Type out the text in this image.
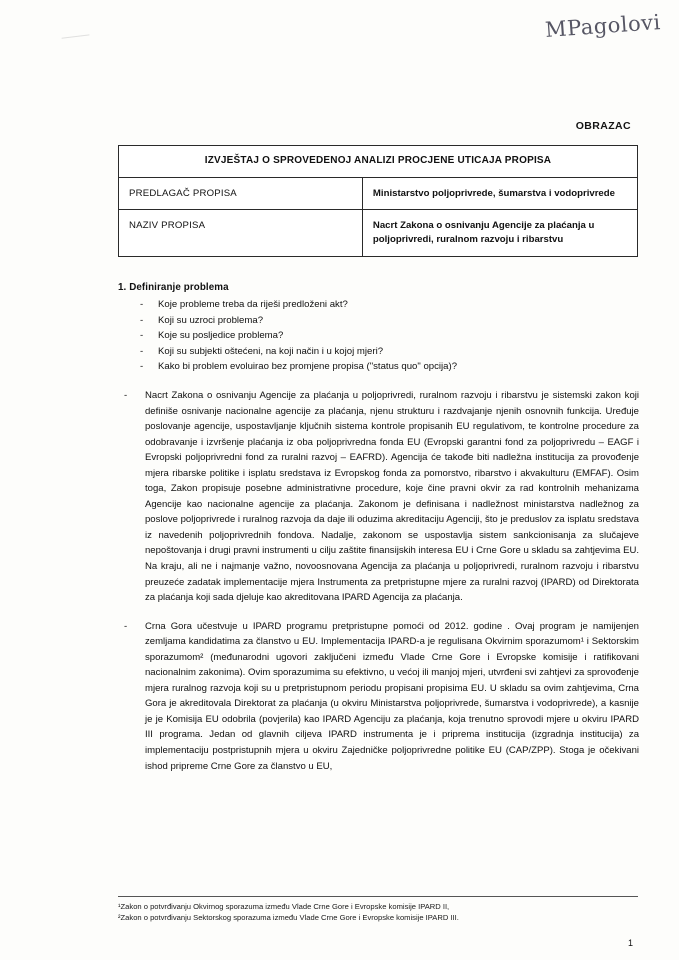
MPagolovi
OBRAZAC
IZVJEŠTAJ O SPROVEDENOJ ANALIZI PROCJENE UTICAJA PROPISA	
PREDLAGAČ PROPISA	Ministarstvo poljoprivrede, šumarstva i vodoprivrede
NAZIV PROPISA	Nacrt Zakona o osnivanju Agencije za plaćanja u poljoprivredi, ruralnom razvoju i ribarstvu
1. Definiranje problema
- Koje probleme treba da riješi predloženi akt?
- Koji su uzroci problema?
- Koje su posljedice problema?
- Koji su subjekti oštećeni, na koji način i u kojoj mjeri?
- Kako bi problem evoluirao bez promjene propisa ("status quo" opcija)?
- Nacrt Zakona o osnivanju Agencije za plaćanja u poljoprivredi, ruralnom razvoju i ribarstvu je sistemski zakon koji definiše osnivanje nacionalne agencije za plaćanja, njenu strukturu i razdvajanje njenih osnovnih funkcija. Uređuje poslovanje agencije, uspostavljanje ključnih sistema kontrole propisanih EU regulativom, te kontrolne procedure za odobravanje i izvršenje plaćanja iz oba poljoprivredna fonda EU (Evropski garantni fond za poljoprivredu – EAGF i Evropski poljoprivredni fond za ruralni razvoj – EAFRD). Agencija će takođe biti nadležna institucija za provođenje mjera ribarske politike i isplatu sredstava iz Evropskog fonda za pomorstvo, ribarstvo i akvakulturu (EMFAF). Osim toga, Zakon propisuje posebne administrativne procedure, koje čine pravni okvir za rad kontrolnih mehanizama Agencije kao nacionalne agencije za plaćanja. Zakonom je definisana i nadležnost ministarstva nadležnog za poslove poljoprivrede i ruralnog razvoja da daje ili oduzima akreditaciju Agenciji, što je preduslov za isplatu sredstava iz navedenih poljoprivrednih fondova. Nadalje, zakonom se uspostavlja sistem sankcionisanja za slučajeve nepoštovanja i drugi pravni instrumenti u cilju zaštite finansijskih interesa EU i Crne Gore u skladu sa zahtjevima EU. Na kraju, ali ne i najmanje važno, novoosnovana Agencija za plaćanja u poljoprivredi, ruralnom razvoju i ribarstvu preuzeće zadatak implementacije mjera Instrumenta za pretpristupne mjere za ruralni razvoj (IPARD) od Direktorata za plaćanja koji sada djeluje kao akreditovana IPARD Agencija za plaćanja.
- Crna Gora učestvuje u IPARD programu pretpristupne pomoći od 2012. godine . Ovaj program je namijenjen zemljama kandidatima za članstvo u EU. Implementacija IPARD-a je regulisana Okvirnim sporazumom¹ i Sektorskim sporazumom² (međunarodni ugovori zaključeni između Vlade Crne Gore i Evropske komisije i ratifikovani nacionalnim zakonima). Ovim sporazumima su efektivno, u većoj ili manjoj mjeri, utvrđeni svi zahtjevi za sprovođenje mjera ruralnog razvoja koji su u pretpristupnom periodu propisani propisima EU. U skladu sa ovim zahtjevima, Crna Gora je akreditovala Direktorat za plaćanja (u okviru Ministarstva poljoprivrede, šumarstva i vodoprivrede), a kasnije je je Komisija EU odobrila (povjerila) kao IPARD Agenciju za plaćanja, koja trenutno sprovodi mjere u okviru IPARD III programa. Jedan od glavnih ciljeva IPARD instrumenta je i priprema institucija (izgradnja institucija) za implementaciju postpristupnih mjera u okviru Zajedničke poljoprivredne politike EU (CAP/ZPP). Stoga je očekivani ishod pripreme Crne Gore za članstvo u EU,
¹Zakon o potvrđivanju Okvirnog sporazuma između Vlade Crne Gore i Evropske komisije IPARD II,
²Zakon o potvrđivanju Sektorskog sporazuma između Vlade Crne Gore i Evropske komisije IPARD III.
1
